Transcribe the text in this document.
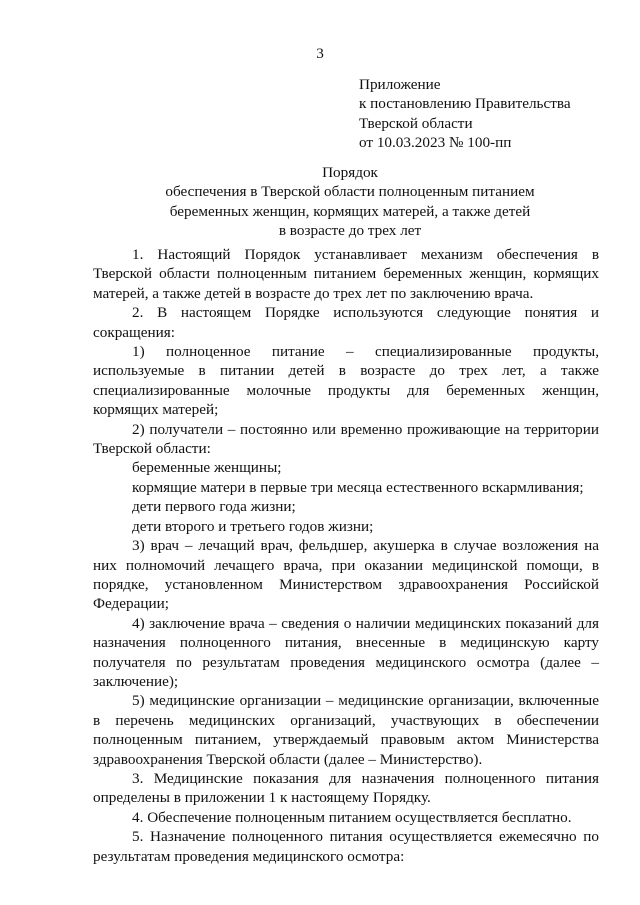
3
Приложение
к постановлению Правительства
Тверской области
от 10.03.2023 № 100-пп
Порядок
обеспечения в Тверской области полноценным питанием
беременных женщин, кормящих матерей, а также детей
в возрасте до трех лет

1. Настоящий Порядок устанавливает механизм обеспечения в Тверской области полноценным питанием беременных женщин, кормящих матерей, а также детей в возрасте до трех лет по заключению врача.

2. В настоящем Порядке используются следующие понятия и сокращения:

1) полноценное питание – специализированные продукты, используемые в питании детей в возрасте до трех лет, а также специализированные молочные продукты для беременных женщин, кормящих матерей;

2) получатели – постоянно или временно проживающие на территории Тверской области:

беременные женщины;

кормящие матери в первые три месяца естественного вскармливания;

дети первого года жизни;

дети второго и третьего годов жизни;

3) врач – лечащий врач, фельдшер, акушерка в случае возложения на них полномочий лечащего врача, при оказании медицинской помощи, в порядке, установленном Министерством здравоохранения Российской Федерации;

4) заключение врача – сведения о наличии медицинских показаний для назначения полноценного питания, внесенные в медицинскую карту получателя по результатам проведения медицинского осмотра (далее – заключение);

5) медицинские организации – медицинские организации, включенные в перечень медицинских организаций, участвующих в обеспечении полноценным питанием, утверждаемый правовым актом Министерства здравоохранения Тверской области (далее – Министерство).

3. Медицинские показания для назначения полноценного питания определены в приложении 1 к настоящему Порядку.

4. Обеспечение полноценным питанием осуществляется бесплатно.

5. Назначение полноценного питания осуществляется ежемесячно по результатам проведения медицинского осмотра:
